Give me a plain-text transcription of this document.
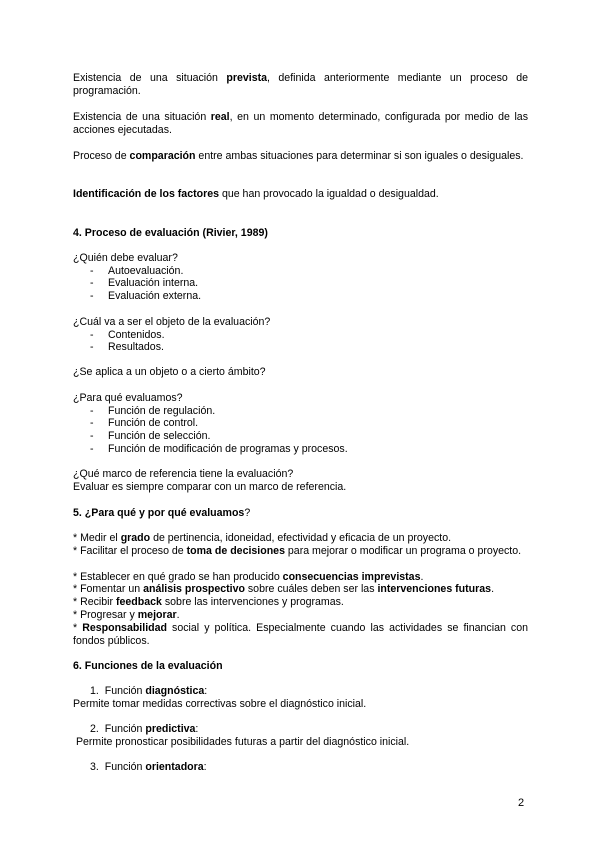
Existencia de una situación prevista, definida anteriormente mediante un proceso de programación.

Existencia de una situación real, en un momento determinado, configurada por medio de las acciones ejecutadas.

Proceso de comparación entre ambas situaciones para determinar si son iguales o desiguales.

Identificación de los factores que han provocado la igualdad o desigualdad.

4. Proceso de evaluación (Rivier, 1989)

¿Quién debe evaluar?

- Autoevaluación.
- Evaluación interna.
- Evaluación externa.

¿Cuál va a ser el objeto de la evaluación?

- Contenidos.
- Resultados.

¿Se aplica a un objeto o a cierto ámbito?

¿Para qué evaluamos?

- Función de regulación.
- Función de control.
- Función de selección.
- Función de modificación de programas y procesos.

¿Qué marco de referencia tiene la evaluación?

Evaluar es siempre comparar con un marco de referencia.

5. ¿Para qué y por qué evaluamos?

* Medir el grado de pertinencia, idoneidad, efectividad y eficacia de un proyecto.

* Facilitar el proceso de toma de decisiones para mejorar o modificar un programa o proyecto.

* Establecer en qué grado se han producido consecuencias imprevistas.

* Fomentar un análisis prospectivo sobre cuáles deben ser las intervenciones futuras.

* Recibir feedback sobre las intervenciones y programas.

* Progresar y mejorar.

* Responsabilidad social y política. Especialmente cuando las actividades se financian con fondos públicos.

6. Funciones de la evaluación

1. Función diagnóstica:

Permite tomar medidas correctivas sobre el diagnóstico inicial.

2. Función predictiva:

Permite pronosticar posibilidades futuras a partir del diagnóstico inicial.

3. Función orientadora:
2
